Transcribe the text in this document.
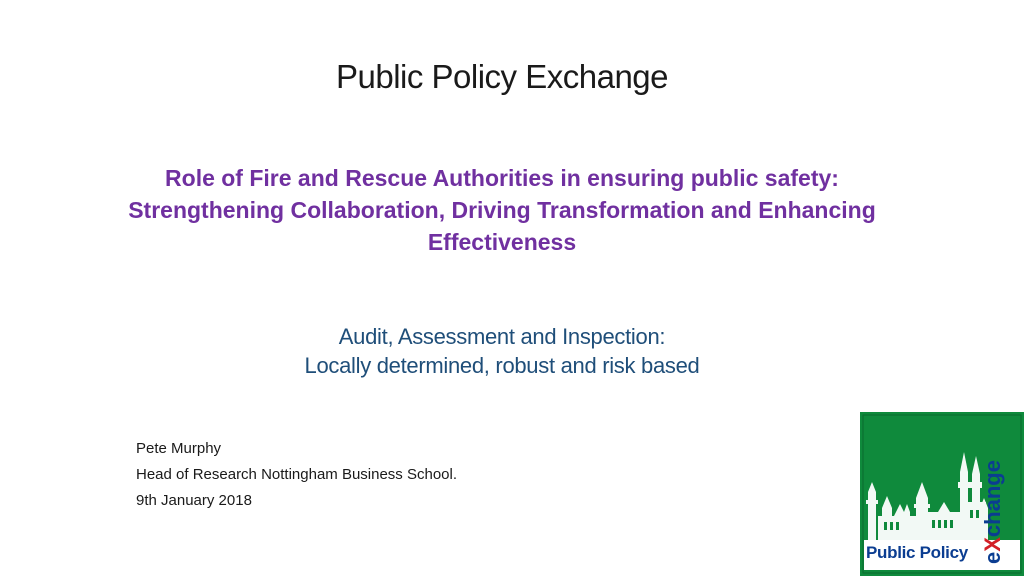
Public Policy Exchange
Role of Fire and Rescue Authorities in ensuring public safety:
Strengthening Collaboration, Driving Transformation and Enhancing
Effectiveness
Audit, Assessment and Inspection:
Locally determined, robust and risk based
Pete Murphy
Head of Research Nottingham Business School.
9th January 2018
Public Policy eXchange
